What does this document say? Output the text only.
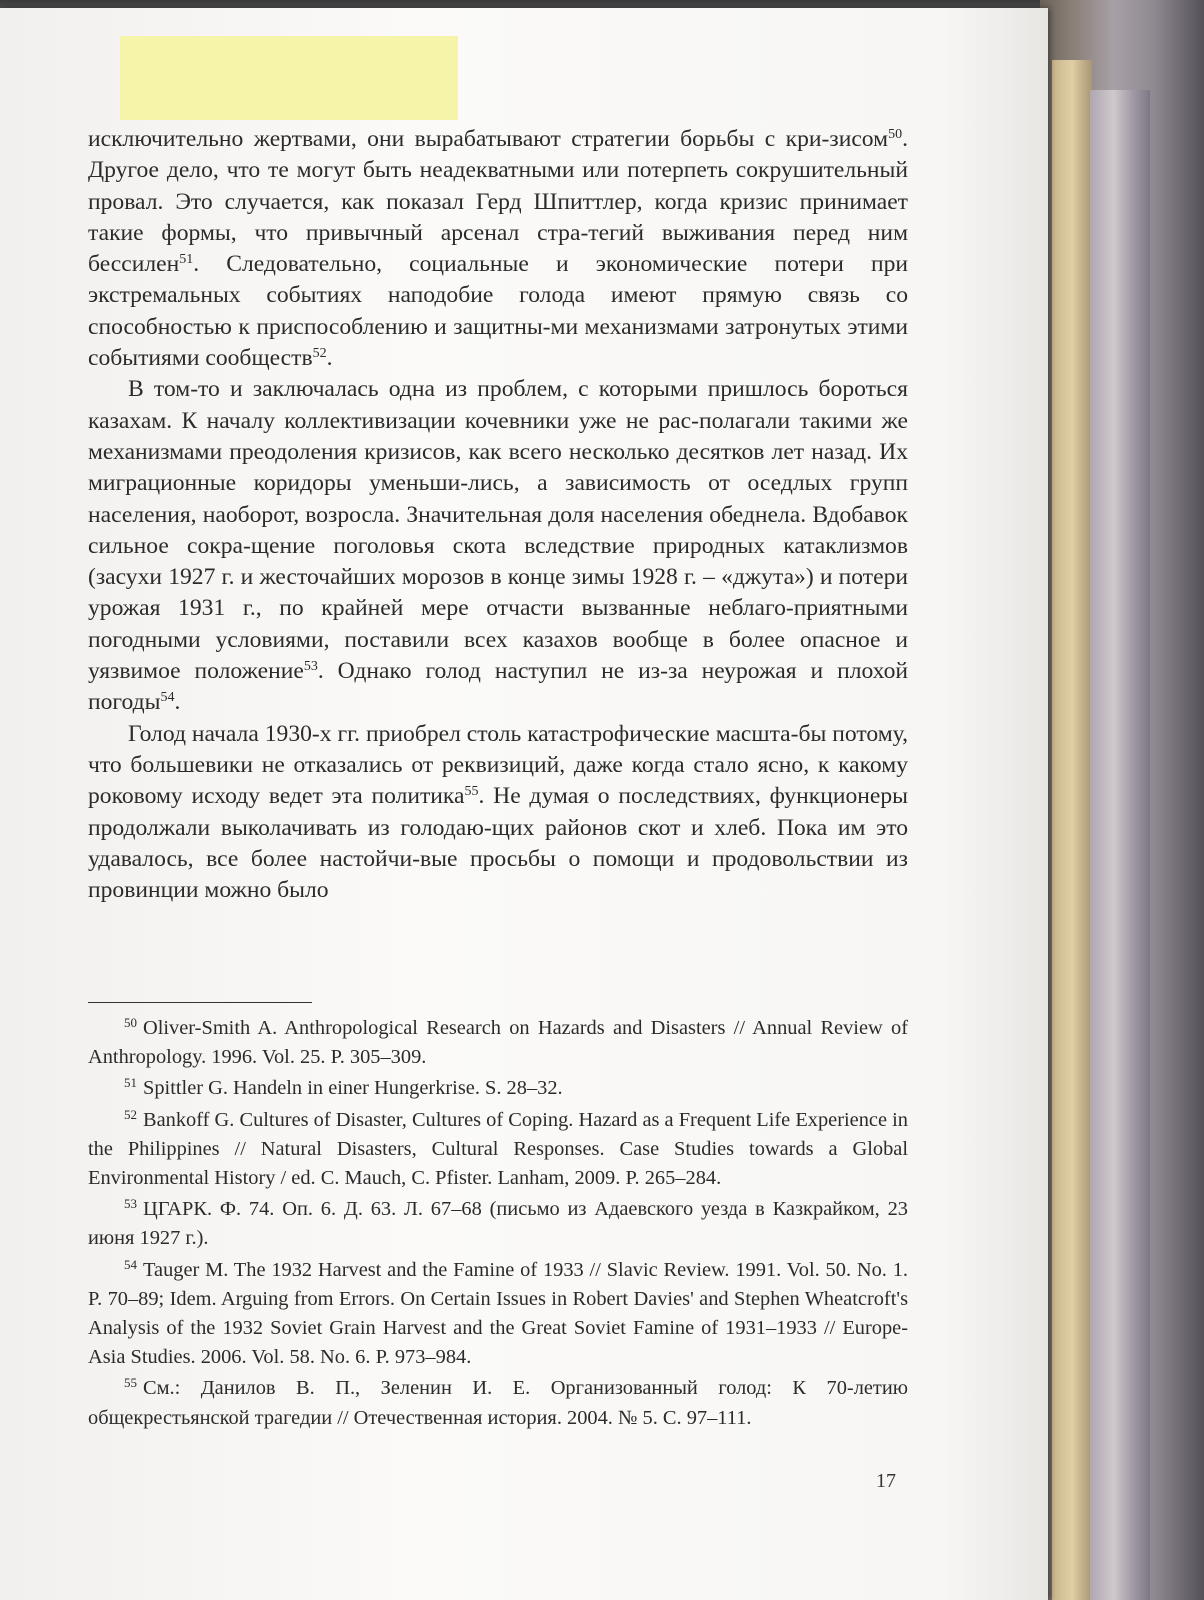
исключительно жертвами, они вырабатывают стратегии борьбы с кри-зисом$^{50}$. Другое дело, что те могут быть неадекватными или потерпеть сокрушительный провал. Это случается, как показал Герд Шпиттлер, когда кризис принимает такие формы, что привычный арсенал стра-тегий выживания перед ним бессилен$^{51}$. Следовательно, социальные и экономические потери при экстремальных событиях наподобие голода имеют прямую связь со способностью к приспособлению и защитны-ми механизмами затронутых этими событиями сообществ$^{52}$.

В том-то и заключалась одна из проблем, с которыми пришлось бороться казахам. К началу коллективизации кочевники уже не рас-полагали такими же механизмами преодоления кризисов, как всего несколько десятков лет назад. Их миграционные коридоры уменьши-лись, а зависимость от оседлых групп населения, наоборот, возросла. Значительная доля населения обеднела. Вдобавок сильное сокра-щение поголовья скота вследствие природных катаклизмов (засухи 1927 г. и жесточайших морозов в конце зимы 1928 г. – «джута») и потери урожая 1931 г., по крайней мере отчасти вызванные неблаго-приятными погодными условиями, поставили всех казахов вообще в более опасное и уязвимое положение$^{53}$. Однако голод наступил не из-за неурожая и плохой погоды$^{54}$.

Голод начала 1930-х гг. приобрел столь катастрофические масшта-бы потому, что большевики не отказались от реквизиций, даже когда стало ясно, к какому роковому исходу ведет эта политика$^{55}$. Не думая о последствиях, функционеры продолжали выколачивать из голодаю-щих районов скот и хлеб. Пока им это удавалось, все более настойчи-вые просьбы о помощи и продовольствии из провинции можно было

$^{50}$ Oliver-Smith A. Anthropological Research on Hazards and Disasters // Annual Review of Anthropology. 1996. Vol. 25. P. 305–309.

$^{51}$ Spittler G. Handeln in einer Hungerkrise. S. 28–32.

$^{52}$ Bankoff G. Cultures of Disaster, Cultures of Coping. Hazard as a Frequent Life Experience in the Philippines // Natural Disasters, Cultural Responses. Case Studies towards a Global Environmental History / ed. C. Mauch, C. Pfister. Lanham, 2009. P. 265–284.

$^{53}$ ЦГАРК. Ф. 74. Оп. 6. Д. 63. Л. 67–68 (письмо из Адаевского уезда в Казкрайком, 23 июня 1927 г.).

$^{54}$ Tauger M. The 1932 Harvest and the Famine of 1933 // Slavic Review. 1991. Vol. 50. No. 1. P. 70–89; Idem. Arguing from Errors. On Certain Issues in Robert Davies' and Stephen Wheatcroft's Analysis of the 1932 Soviet Grain Harvest and the Great Soviet Famine of 1931–1933 // Europe-Asia Studies. 2006. Vol. 58. No. 6. P. 973–984.

$^{55}$ См.: Данилов В. П., Зеленин И. Е. Организованный голод: К 70-летию общекрестьянской трагедии // Отечественная история. 2004. № 5. С. 97–111.

17
